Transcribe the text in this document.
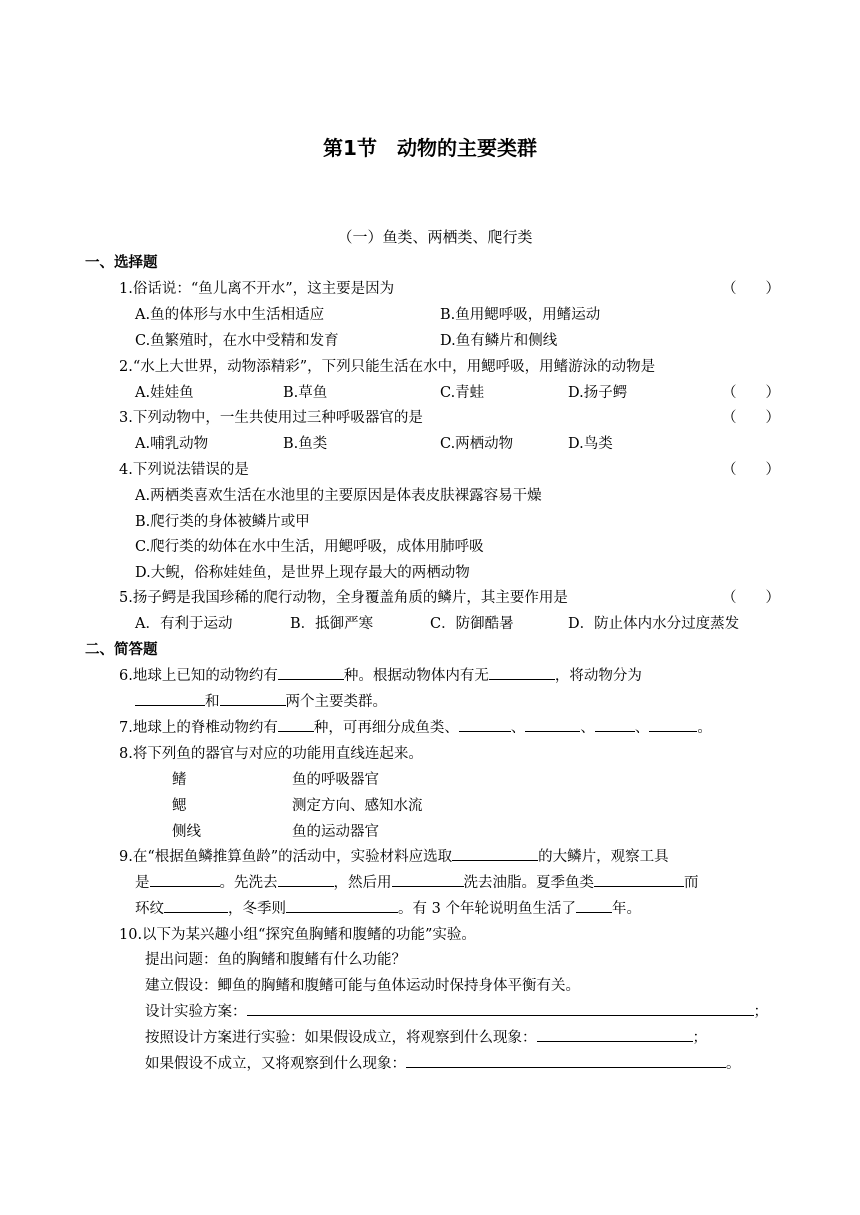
第1节　动物的主要类群
（一）鱼类、两栖类、爬行类
一、选择题
1.俗话说：“鱼儿离不开水”，这主要是因为	（　　）
A.鱼的体形与水中生活相适应	B.鱼用鳃呼吸，用鳍运动
C.鱼繁殖时，在水中受精和发育	D.鱼有鳞片和侧线
2.“水上大世界，动物添精彩”，下列只能生活在水中，用鳃呼吸，用鳍游泳的动物是
A.娃娃鱼	B.草鱼	C.青蛙	D.扬子鳄	（　　）
3.下列动物中，一生共使用过三种呼吸器官的是	（　　）
A.哺乳动物	B.鱼类	C.两栖动物	D.鸟类
4.下列说法错误的是	（　　）
A.两栖类喜欢生活在水池里的主要原因是体表皮肤裸露容易干燥
B.爬行类的身体被鳞片或甲
C.爬行类的幼体在水中生活，用鳃呼吸，成体用肺呼吸
D.大鲵，俗称娃娃鱼，是世界上现存最大的两栖动物
5.扬子鳄是我国珍稀的爬行动物，全身覆盖角质的鳞片，其主要作用是	（　　）
A．有利于运动	B．抵御严寒	C．防御酷暑	D．防止体内水分过度蒸发
二、简答题
6.地球上已知的动物约有	种。根据动物体内有无	，将动物分为
和	两个主要类群。
7.地球上的脊椎动物约有 种，可再细分成鱼类、	、	、	、	。
8.将下列鱼的器官与对应的功能用直线连起来。
鳍	鱼的呼吸器官
鳃	测定方向、感知水流
侧线	鱼的运动器官
9.在“根据鱼鳞推算鱼龄”的活动中，实验材料应选取	的大鳞片，观察工具
是	。先洗去	，然后用	洗去油脂。夏季鱼类	而
环纹	，冬季则	。有 3 个年轮说明鱼生活了 年。
10.以下为某兴趣小组“探究鱼胸鳍和腹鳍的功能”实验。
提出问题：鱼的胸鳍和腹鳍有什么功能？
建立假设：鲫鱼的胸鳍和腹鳍可能与鱼体运动时保持身体平衡有关。
设计实验方案：	；
按照设计方案进行实验：如果假设成立，将观察到什么现象：	；
如果假设不成立，又将观察到什么现象：	。
